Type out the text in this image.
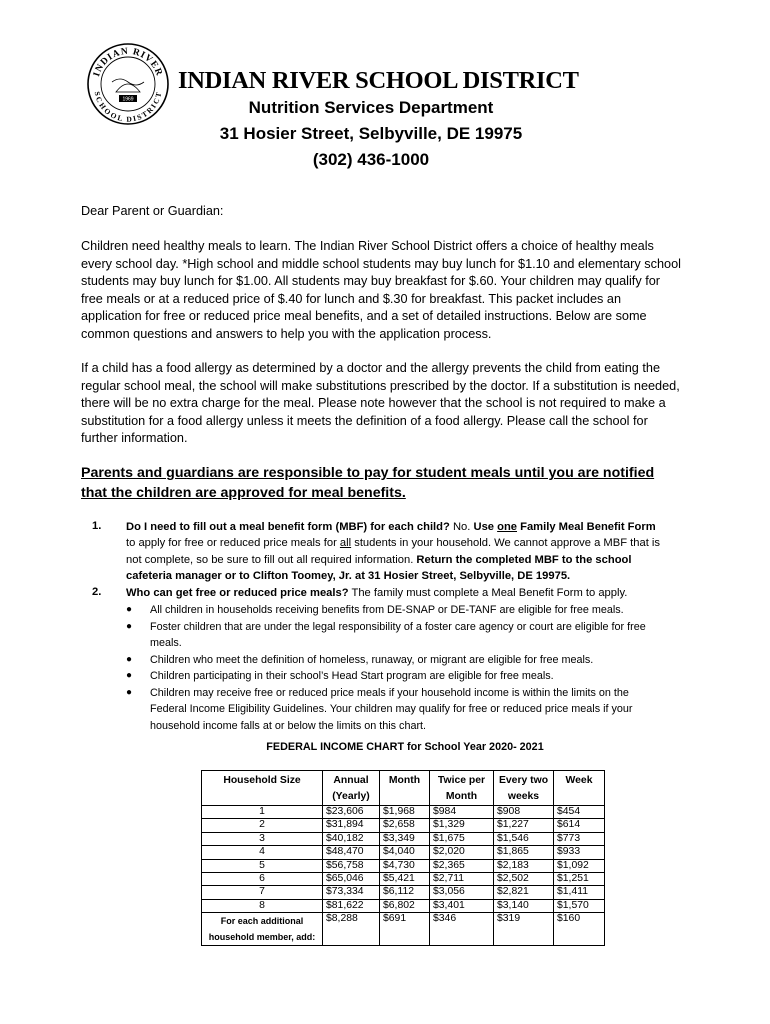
INDIAN RIVER
SCHOOL DISTRICT
1969
INDIAN RIVER SCHOOL DISTRICT
Nutrition Services Department
31 Hosier Street, Selbyville, DE 19975
(302) 436-1000

Dear Parent or Guardian:

Children need healthy meals to learn. The Indian River School District offers a choice of healthy meals every school day. *High school and middle school students may buy lunch for $1.10 and elementary school students may buy lunch for $1.00. All students may buy breakfast for $.60. Your children may qualify for free meals or at a reduced price of $.40 for lunch and $.30 for breakfast. This packet includes an application for free or reduced price meal benefits, and a set of detailed instructions. Below are some common questions and answers to help you with the application process.

If a child has a food allergy as determined by a doctor and the allergy prevents the child from eating the regular school meal, the school will make substitutions prescribed by the doctor. If a substitution is needed, there will be no extra charge for the meal. Please note however that the school is not required to make a substitution for a food allergy unless it meets the definition of a food allergy. Please call the school for further information.

Parents and guardians are responsible to pay for student meals until you are notified that the children are approved for meal benefits.

1. Do I need to fill out a meal benefit form (MBF) for each child? No. Use one Family Meal Benefit Form to apply for free or reduced price meals for all students in your household. We cannot approve a MBF that is not complete, so be sure to fill out all required information. Return the completed MBF to the school cafeteria manager or to Clifton Toomey, Jr. at 31 Hosier Street, Selbyville, DE 19975.

2. Who can get free or reduced price meals? The family must complete a Meal Benefit Form to apply.

● All children in households receiving benefits from DE-SNAP or DE-TANF are eligible for free meals.

● Foster children that are under the legal responsibility of a foster care agency or court are eligible for free meals.

● Children who meet the definition of homeless, runaway, or migrant are eligible for free meals.

● Children participating in their school’s Head Start program are eligible for free meals.

● Children may receive free or reduced price meals if your household income is within the limits on the Federal Income Eligibility Guidelines. Your children may qualify for free or reduced price meals if your household income falls at or below the limits on this chart.

FEDERAL INCOME CHART for School Year 2020- 2021
Household Size	Annual (Yearly)	Month	Twice per Month	Every two weeks	Week
1	$23,606	$1,968	$984	$908	$454
2	$31,894	$2,658	$1,329	$1,227	$614
3	$40,182	$3,349	$1,675	$1,546	$773
4	$48,470	$4,040	$2,020	$1,865	$933
5	$56,758	$4,730	$2,365	$2,183	$1,092
6	$65,046	$5,421	$2,711	$2,502	$1,251
7	$73,334	$6,112	$3,056	$2,821	$1,411
8	$81,622	$6,802	$3,401	$3,140	$1,570
For each additional household member, add:	$8,288	$691	$346	$319	$160
